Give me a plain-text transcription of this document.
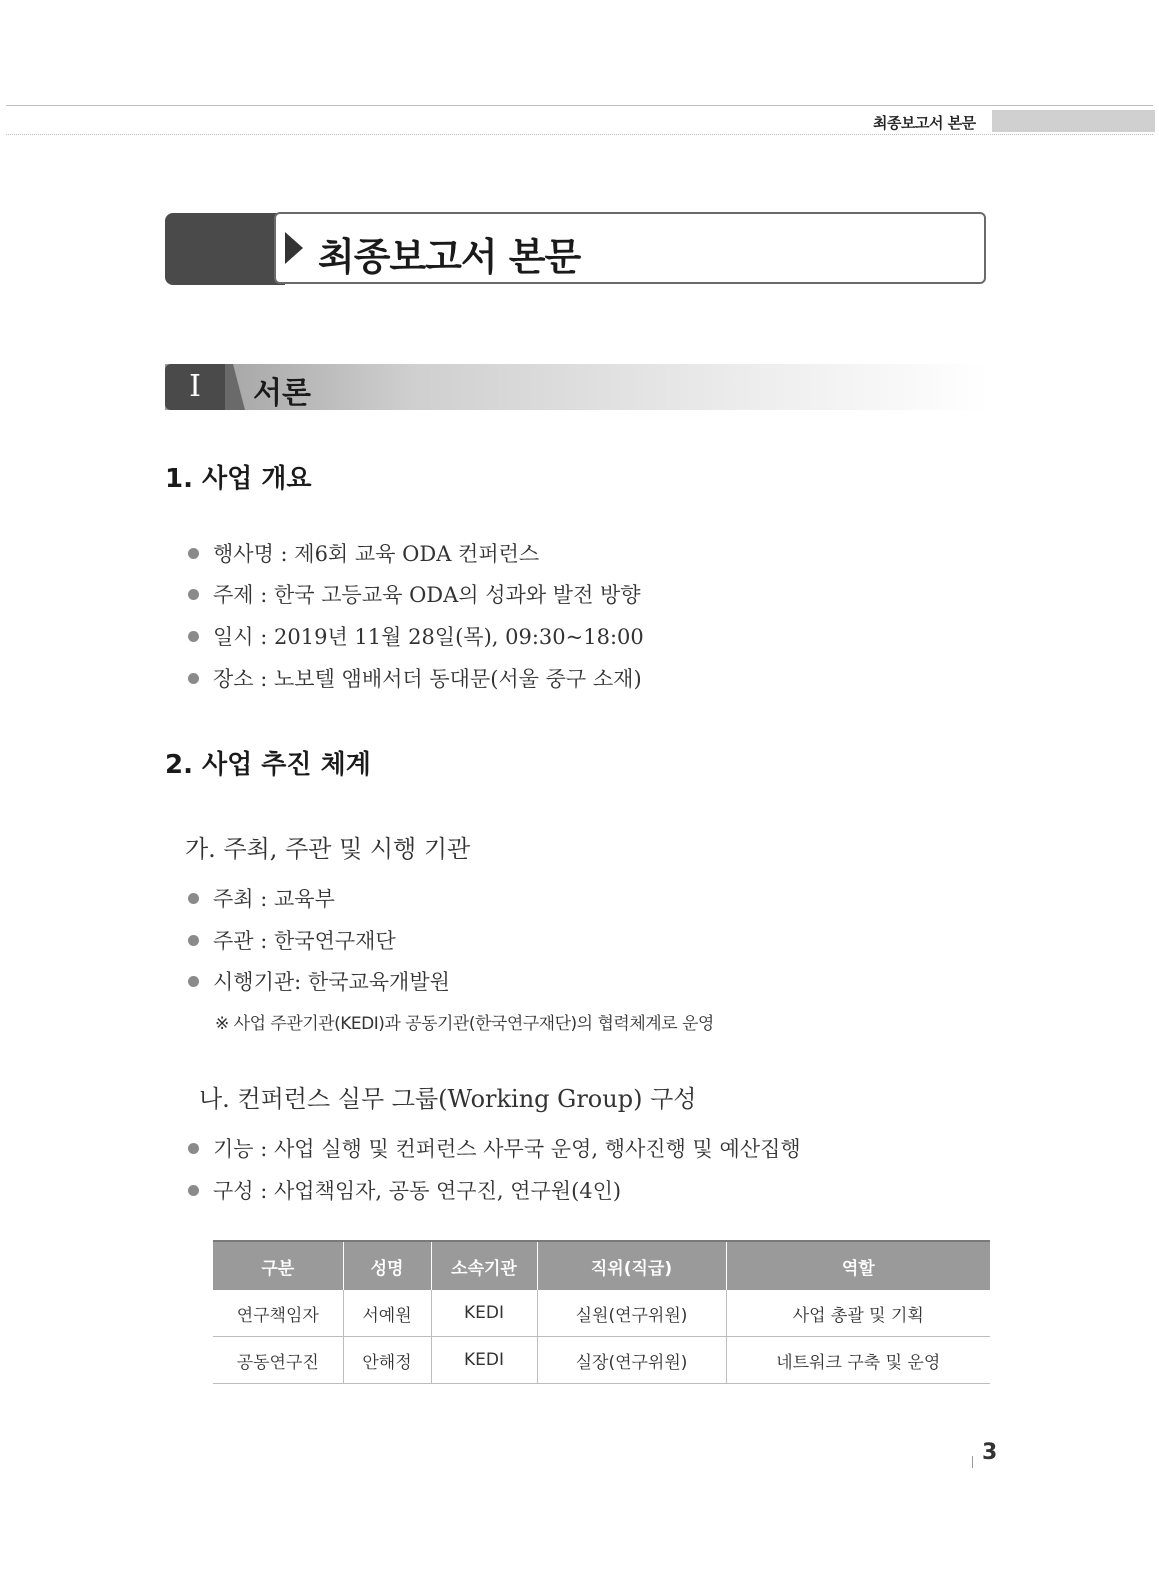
최종보고서 본문
최종보고서 본문
I	서론
1. 사업 개요
행사명 : 제6회 교육 ODA 컨퍼런스
주제 : 한국 고등교육 ODA의 성과와 발전 방향
일시 : 2019년 11월 28일(목), 09:30~18:00
장소 : 노보텔 앰배서더 동대문(서울 중구 소재)
2. 사업 추진 체계
가. 주최, 주관 및 시행 기관
주최 : 교육부
주관 : 한국연구재단
시행기관: 한국교육개발원
※ 사업 주관기관(KEDI)과 공동기관(한국연구재단)의 협력체계로 운영
나. 컨퍼런스 실무 그룹(Working Group) 구성
기능 : 사업 실행 및 컨퍼런스 사무국 운영, 행사진행 및 예산집행
구성 : 사업책임자, 공동 연구진, 연구원(4인)
구분	성명	소속기관	직위(직급)	역할
연구책임자	서예원	KEDI	실원(연구위원)	사업 총괄 및 기획
공동연구진	안해정	KEDI	실장(연구위원)	네트워크 구축 및 운영
3
